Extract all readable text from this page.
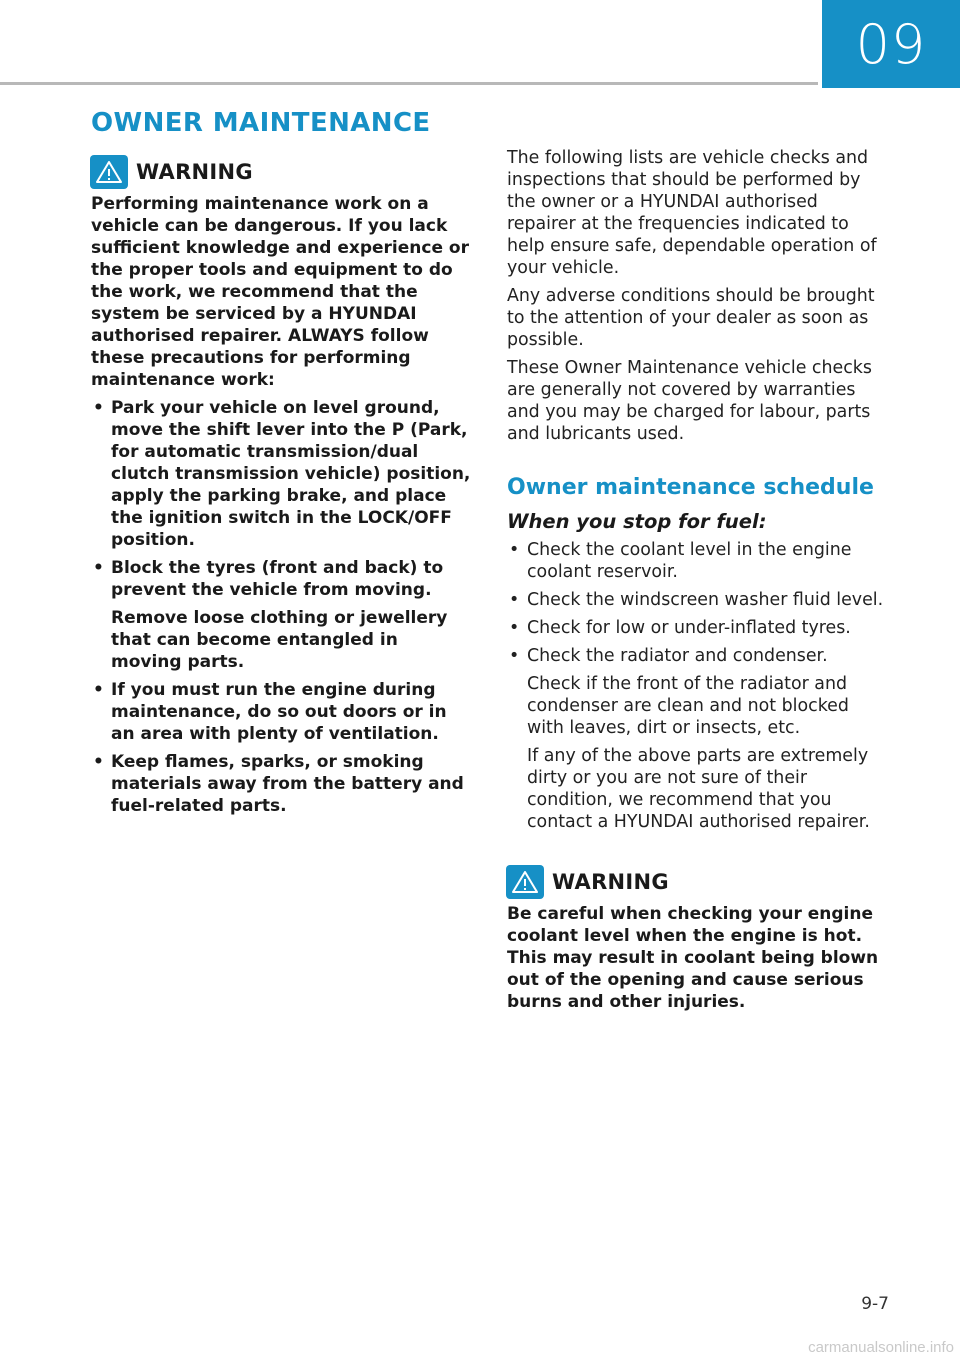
09
OWNER MAINTENANCE
WARNING

Performing maintenance work on a vehicle can be dangerous. If you lack sufficient knowledge and experience or the proper tools and equipment to do the work, we recommend that the system be serviced by a HYUNDAI authorised repairer. ALWAYS follow these precautions for performing maintenance work:

• Park your vehicle on level ground, move the shift lever into the P (Park, for automatic transmission/dual clutch transmission vehicle) position, apply the parking brake, and place the ignition switch in the LOCK/OFF position.
• Block the tyres (front and back) to prevent the vehicle from moving.
Remove loose clothing or jewellery that can become entangled in moving parts.
• If you must run the engine during maintenance, do so out doors or in an area with plenty of ventilation.
• Keep flames, sparks, or smoking materials away from the battery and fuel-related parts.

The following lists are vehicle checks and inspections that should be performed by the owner or a HYUNDAI authorised repairer at the frequencies indicated to help ensure safe, dependable operation of your vehicle.

Any adverse conditions should be brought to the attention of your dealer as soon as possible.

These Owner Maintenance vehicle checks are generally not covered by warranties and you may be charged for labour, parts and lubricants used.

Owner maintenance schedule
When you stop for fuel:
• Check the coolant level in the engine coolant reservoir.
• Check the windscreen washer fluid level.
• Check for low or under-inflated tyres.
• Check the radiator and condenser.
Check if the front of the radiator and condenser are clean and not blocked with leaves, dirt or insects, etc.
If any of the above parts are extremely dirty or you are not sure of their condition, we recommend that you contact a HYUNDAI authorised repairer.
WARNING

Be careful when checking your engine coolant level when the engine is hot. This may result in coolant being blown out of the opening and cause serious burns and other injuries.

9-7
carmanualsonline.info
